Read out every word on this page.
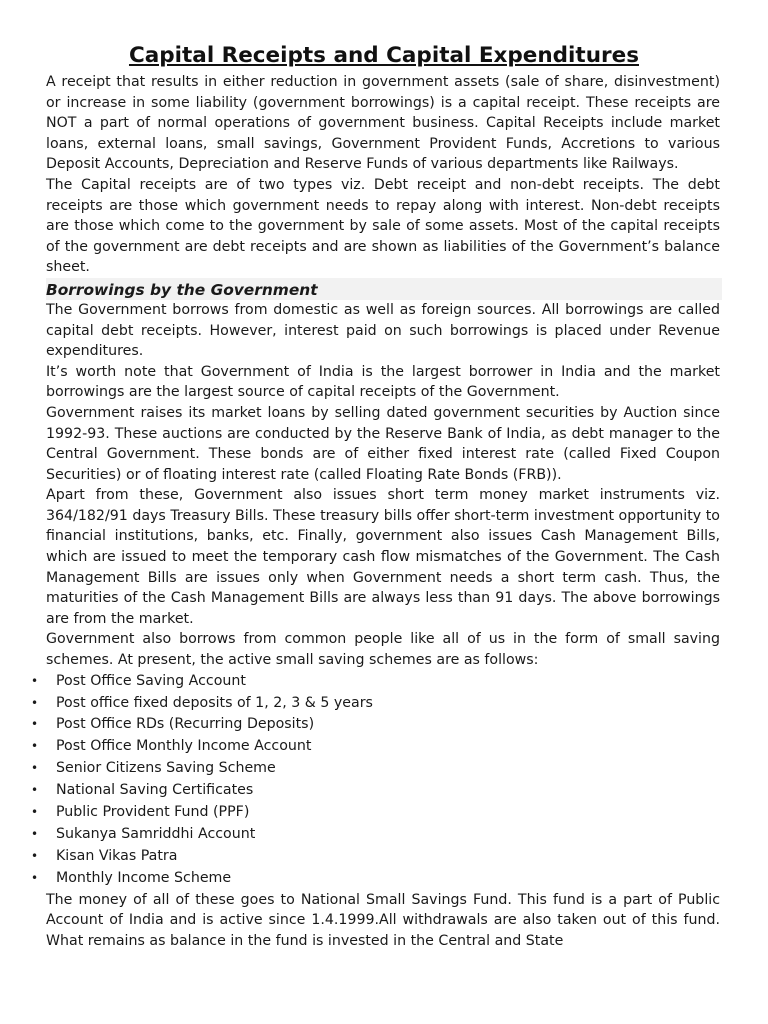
Capital Receipts and Capital Expenditures

A receipt that results in either reduction in government assets (sale of share, disinvestment) or increase in some liability (government borrowings) is a capital receipt. These receipts are NOT a part of normal operations of government business. Capital Receipts include market loans, external loans, small savings, Government Provident Funds, Accretions to various Deposit Accounts, Depreciation and Reserve Funds of various departments like Railways.

The Capital receipts are of two types viz. Debt receipt and non-debt receipts. The debt receipts are those which government needs to repay along with interest. Non-debt receipts are those which come to the government by sale of some assets. Most of the capital receipts of the government are debt receipts and are shown as liabilities of the Government’s balance sheet.

Borrowings by the Government

The Government borrows from domestic as well as foreign sources. All borrowings are called capital debt receipts. However, interest paid on such borrowings is placed under Revenue expenditures.

It’s worth note that Government of India is the largest borrower in India and the market borrowings are the largest source of capital receipts of the Government.

Government raises its market loans by selling dated government securities by Auction since 1992-93. These auctions are conducted by the Reserve Bank of India, as debt manager to the Central Government. These bonds are of either fixed interest rate (called Fixed Coupon Securities) or of floating interest rate (called Floating Rate Bonds (FRB)).

Apart from these, Government also issues short term money market instruments viz. 364/182/91 days Treasury Bills. These treasury bills offer short-term investment opportunity to financial institutions, banks, etc. Finally, government also issues Cash Management Bills, which are issued to meet the temporary cash flow mismatches of the Government. The Cash Management Bills are issues only when Government needs a short term cash. Thus, the maturities of the Cash Management Bills are always less than 91 days. The above borrowings are from the market.

Government also borrows from common people like all of us in the form of small saving schemes. At present, the active small saving schemes are as follows:

• Post Office Saving Account
• Post office fixed deposits of 1, 2, 3 & 5 years
• Post Office RDs (Recurring Deposits)
• Post Office Monthly Income Account
• Senior Citizens Saving Scheme
• National Saving Certificates
• Public Provident Fund (PPF)
• Sukanya Samriddhi Account
• Kisan Vikas Patra
• Monthly Income Scheme

The money of all of these goes to National Small Savings Fund. This fund is a part of Public Account of India and is active since 1.4.1999.All withdrawals are also taken out of this fund. What remains as balance in the fund is invested in the Central and State
